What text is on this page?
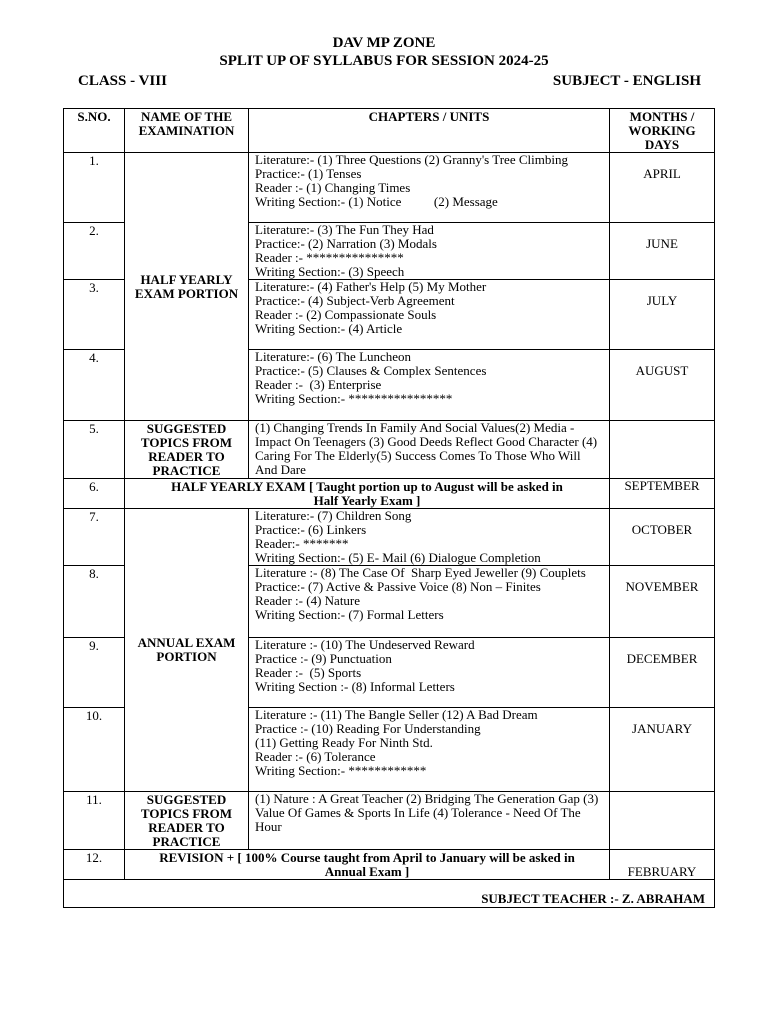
DAV MP ZONE
SPLIT UP OF SYLLABUS FOR SESSION 2024-25
CLASS - VIII	SUBJECT - ENGLISH
S.NO.	NAME OF THE EXAMINATION	CHAPTERS / UNITS	MONTHS / WORKING DAYS
1.	HALF YEARLY EXAM PORTION	Literature:- (1) Three Questions (2) Granny's Tree Climbing
Practice:- (1) Tenses
Reader :- (1) Changing Times
Writing Section:- (1) Notice          (2) Message	APRIL
2.		Literature:- (3) The Fun They Had
Practice:- (2) Narration (3) Modals
Reader :- ***************
Writing Section:- (3) Speech	JUNE
3.		Literature:- (4) Father's Help (5) My Mother
Practice:- (4) Subject-Verb Agreement
Reader :- (2) Compassionate Souls
Writing Section:- (4) Article	JULY
4.		Literature:- (6) The Luncheon
Practice:- (5) Clauses & Complex Sentences
Reader :-  (3) Enterprise
Writing Section:- ****************	AUGUST
5.	SUGGESTED TOPICS FROM READER TO PRACTICE	(1) Changing Trends In Family And Social Values(2) Media - Impact On Teenagers (3) Good Deeds Reflect Good Character (4) Caring For The Elderly(5) Success Comes To Those Who Will And Dare	
6.	HALF YEARLY EXAM [ Taught portion up to August will be asked in Half Yearly Exam ]		SEPTEMBER
7.	ANNUAL EXAM PORTION	Literature:- (7) Children Song
Practice:- (6) Linkers
Reader:- *******
Writing Section:- (5) E- Mail (6) Dialogue Completion	OCTOBER
8.		Literature :- (8) The Case Of  Sharp Eyed Jeweller (9) Couplets
Practice:- (7) Active & Passive Voice (8) Non – Finites
Reader :- (4) Nature
Writing Section:- (7) Formal Letters	NOVEMBER
9.		Literature :- (10) The Undeserved Reward
Practice :- (9) Punctuation
Reader :-  (5) Sports
Writing Section :- (8) Informal Letters	DECEMBER
10.		Literature :- (11) The Bangle Seller (12) A Bad Dream
Practice :- (10) Reading For Understanding
(11) Getting Ready For Ninth Std.
Reader :- (6) Tolerance
Writing Section:- ************	JANUARY
11.	SUGGESTED TOPICS FROM READER TO PRACTICE	(1) Nature : A Great Teacher (2) Bridging The Generation Gap (3) Value Of Games & Sports In Life (4) Tolerance - Need Of The Hour	
12.	REVISION + [ 100% Course taught from April to January will be asked in Annual Exam ]		FEBRUARY
SUBJECT TEACHER :- Z. ABRAHAM			
